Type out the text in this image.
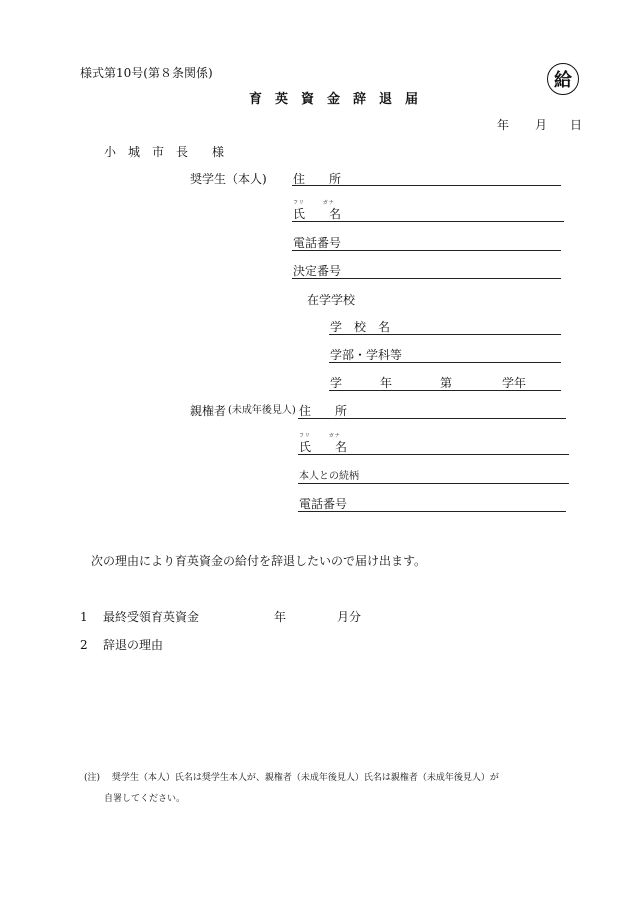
様式第10号(第８条関係)	給
育　英　資　金　辞　退　届
年 月 日
小　城　市　長　　様
奨学生（本人) 住　　所
フリ　　　ガナ
氏　　名
電話番号
決定番号
在学学校
学　校　名
学部・学科等
学	年	第	学年
親権者 (未成年後見人) 住　　所
フリ　　　ガナ
氏　　名
本人との続柄
電話番号
次の理由により育英資金の給付を辞退したいので届け出ます。
1 最終受領育英資金	年	月分
2 辞退の理由
(注)　 奨学生（本人）氏名は奨学生本人が、親権者（未成年後見人）氏名は親権者（未成年後見人）が
自署してください。
